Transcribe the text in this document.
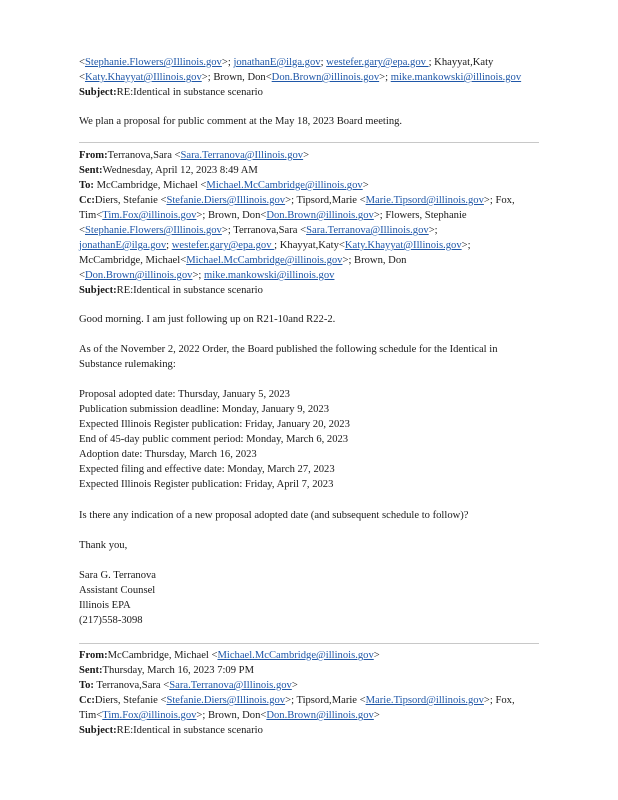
<Stephanie.Flowers@Illinois.gov>; jonathanE@ilga.gov; westefer.gary@epa.gov ; Khayyat,Katy
<Katy.Khayyat@Illinois.gov>; Brown, Don<Don.Brown@illinois.gov>; mike.mankowski@illinois.gov
Subject:RE:Identical in substance scenario
We plan a proposal for public comment at the May 18, 2023 Board meeting.
From:Terranova,Sara <Sara.Terranova@Illinois.gov>
Sent:Wednesday, April 12, 2023 8:49 AM
To: McCambridge, Michael <Michael.McCambridge@illinois.gov>
Cc:Diers, Stefanie <Stefanie.Diers@Illinois.gov>; Tipsord,Marie <Marie.Tipsord@illinois.gov>; Fox,
Tim<Tim.Fox@illinois.gov>; Brown, Don<Don.Brown@illinois.gov>; Flowers, Stephanie
<Stephanie.Flowers@Illinois.gov>; Terranova,Sara <Sara.Terranova@Illinois.gov>;
jonathanE@ilga.gov; westefer.gary@epa.gov ; Khayyat,Katy<Katy.Khayyat@Illinois.gov>;
McCambridge, Michael<Michael.McCambridge@illinois.gov>; Brown, Don
<Don.Brown@illinois.gov>; mike.mankowski@illinois.gov
Subject:RE:Identical in substance scenario
Good morning. I am just following up on R21-10and R22-2.
As of the November 2, 2022 Order, the Board published the following schedule for the Identical in
Substance rulemaking:
Proposal adopted date: Thursday, January 5, 2023
Publication submission deadline: Monday, January 9, 2023
Expected Illinois Register publication: Friday, January 20, 2023
End of 45-day public comment period: Monday, March 6, 2023
Adoption date: Thursday, March 16, 2023
Expected filing and effective date: Monday, March 27, 2023
Expected Illinois Register publication: Friday, April 7, 2023
Is there any indication of a new proposal adopted date (and subsequent schedule to follow)?
Thank you,
Sara G. Terranova
Assistant Counsel
Illinois EPA
(217)558-3098
From:McCambridge, Michael <Michael.McCambridge@illinois.gov>
Sent:Thursday, March 16, 2023 7:09 PM
To: Terranova,Sara <Sara.Terranova@Illinois.gov>
Cc:Diers, Stefanie <Stefanie.Diers@Illinois.gov>; Tipsord,Marie <Marie.Tipsord@illinois.gov>; Fox,
Tim<Tim.Fox@illinois.gov>; Brown, Don<Don.Brown@illinois.gov>
Subject:RE:Identical in substance scenario
